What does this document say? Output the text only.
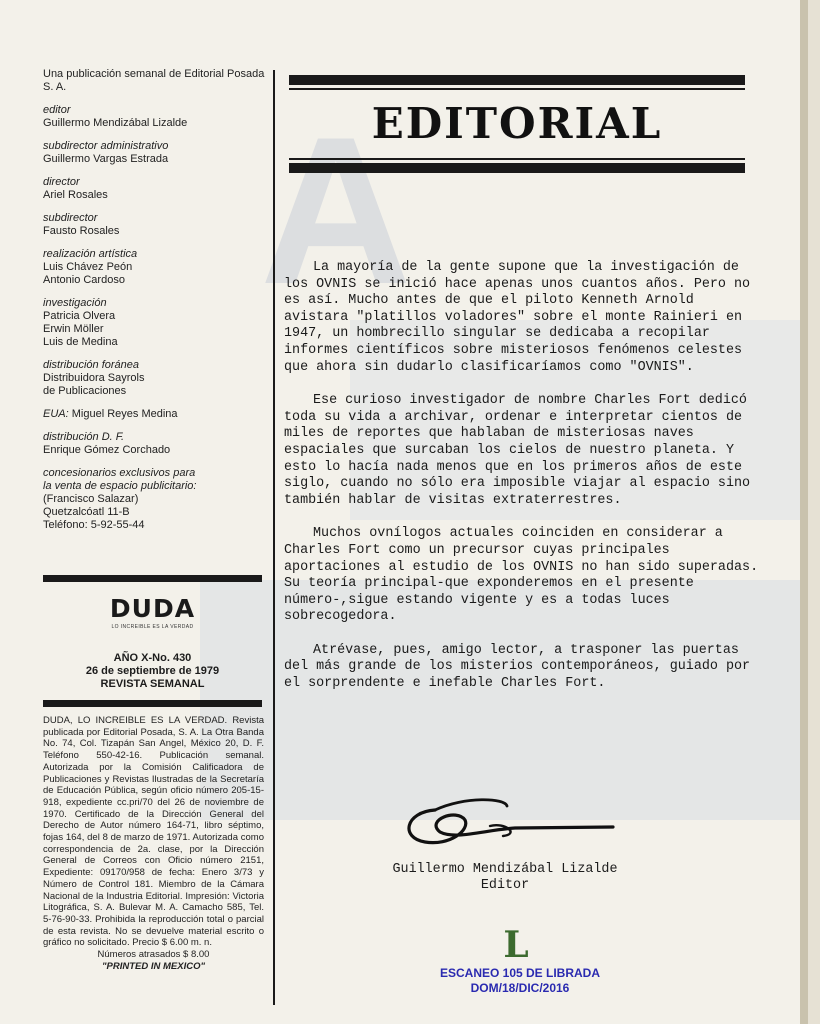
A
Una publicación semanal de Editorial Posada S. A.
editor
Guillermo Mendizábal Lizalde
subdirector administrativo
Guillermo Vargas Estrada
director
Ariel Rosales
subdirector
Fausto Rosales
realización artística
Luis Chávez Peón
Antonio Cardoso
investigación
Patricia Olvera
Erwin Möller
Luis de Medina
distribución foránea
Distribuidora Sayrols
de Publicaciones
EUA: Miguel Reyes Medina
distribución D. F.
Enrique Gómez Corchado
concesionarios exclusivos para
la venta de espacio publicitario:
(Francisco Salazar)
Quetzalcóatl 11-B
Teléfono: 5-92-55-44
DUDA
LO INCREIBLE ES LA VERDAD
AÑO X-No. 430
26 de septiembre de 1979
REVISTA SEMANAL
DUDA, LO INCREIBLE ES LA VERDAD. Revista publicada por Editorial Posada, S. A. La Otra Banda No. 74, Col. Tizapán San Angel, México 20, D. F. Teléfono 550-42-16. Publicación semanal. Autorizada por la Comisión Calificadora de Publicaciones y Revistas Ilustradas de la Secretaría de Educación Pública, según oficio número 205-15-918, expediente cc.pri/70 del 26 de noviembre de 1970. Certificado de la Dirección General del Derecho de Autor número 164-71, libro séptimo, fojas 164, del 8 de marzo de 1971. Autorizada como correspondencia de 2a. clase, por la Dirección General de Correos con Oficio número 2151, Expediente: 09170/958 de fecha: Enero 3/73 y Número de Control 181. Miembro de la Cámara Nacional de la Industria Editorial. Impresión: Victoria Litográfica, S. A. Bulevar M. A. Camacho 585, Tel. 5-76-90-33. Prohibida la reproducción total o parcial de esta revista. No se devuelve material escrito o gráfico no solicitado. Precio $ 6.00 m. n.
Números atrasados $ 8.00
"PRINTED IN MEXICO"
EDITORIAL

La mayoría de la gente supone que la investigación de los OVNIS se inició hace apenas unos cuantos años. Pero no es así. Mucho antes de que el piloto Kenneth Arnold avistara "platillos voladores" sobre el monte Rainieri en 1947, un hombrecillo singular se dedicaba a recopilar informes científicos sobre misteriosos fenómenos celestes que ahora sin dudarlo clasificaríamos como "OVNIS".

Ese curioso investigador de nombre Charles Fort dedicó toda su vida a archivar, ordenar e interpretar cientos de miles de reportes que hablaban de misteriosas naves espaciales que surcaban los cielos de nuestro planeta. Y esto lo hacía nada menos que en los primeros años de este siglo, cuando no sólo era imposible viajar al espacio sino también hablar de visitas extraterrestres.

Muchos ovnílogos actuales coinciden en considerar a Charles Fort como un precursor cuyas principales aportaciones al estudio de los OVNIS no han sido superadas. Su teoría principal-que exponderemos en el presente número-,sigue estando vigente y es a todas luces sobrecogedora.

Atrévase, pues, amigo lector, a trasponer las puertas del más grande de los misterios contemporáneos, guiado por el sorprendente e inefable Charles Fort.

Guillermo Mendizábal Lizalde
Editor
L
ESCANEO 105 DE LIBRADA
DOM/18/DIC/2016
